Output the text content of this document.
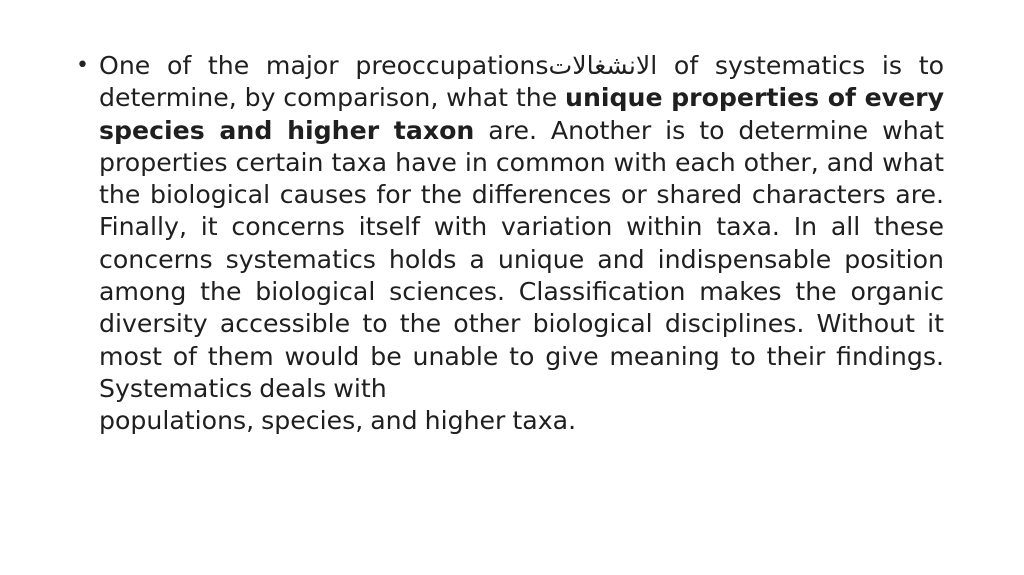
• One of the major preoccupationsالانشغالات of systematics is to determine, by comparison, what the unique properties of every species and higher taxon are. Another is to determine what properties certain taxa have in common with each other, and what the biological causes for the differences or shared characters are. Finally, it concerns itself with variation within taxa. In all these concerns systematics holds a unique and indispensable position among the biological sciences. Classification makes the organic diversity accessible to the other biological disciplines. Without it most of them would be unable to give meaning to their findings.  Systematics deals with
populations, species, and higher taxa.
